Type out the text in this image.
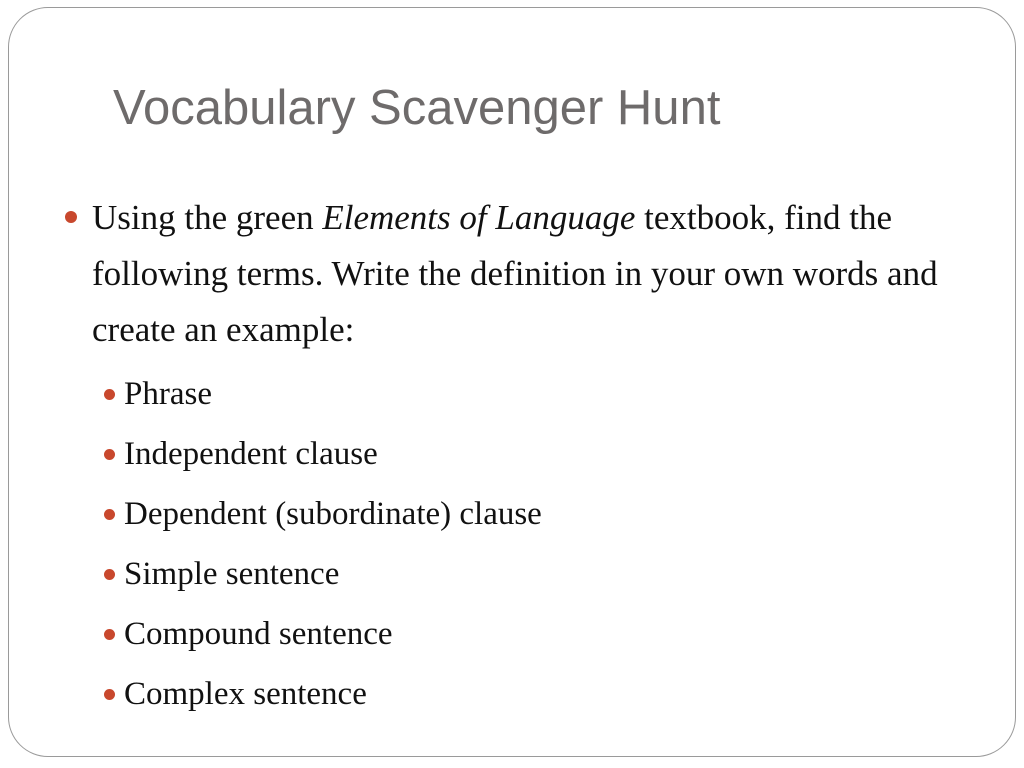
Vocabulary Scavenger Hunt

Using the green Elements of Language textbook, find the following terms. Write the definition in your own words and create an example:

Phrase
Independent clause
Dependent (subordinate) clause
Simple sentence
Compound sentence
Complex sentence
